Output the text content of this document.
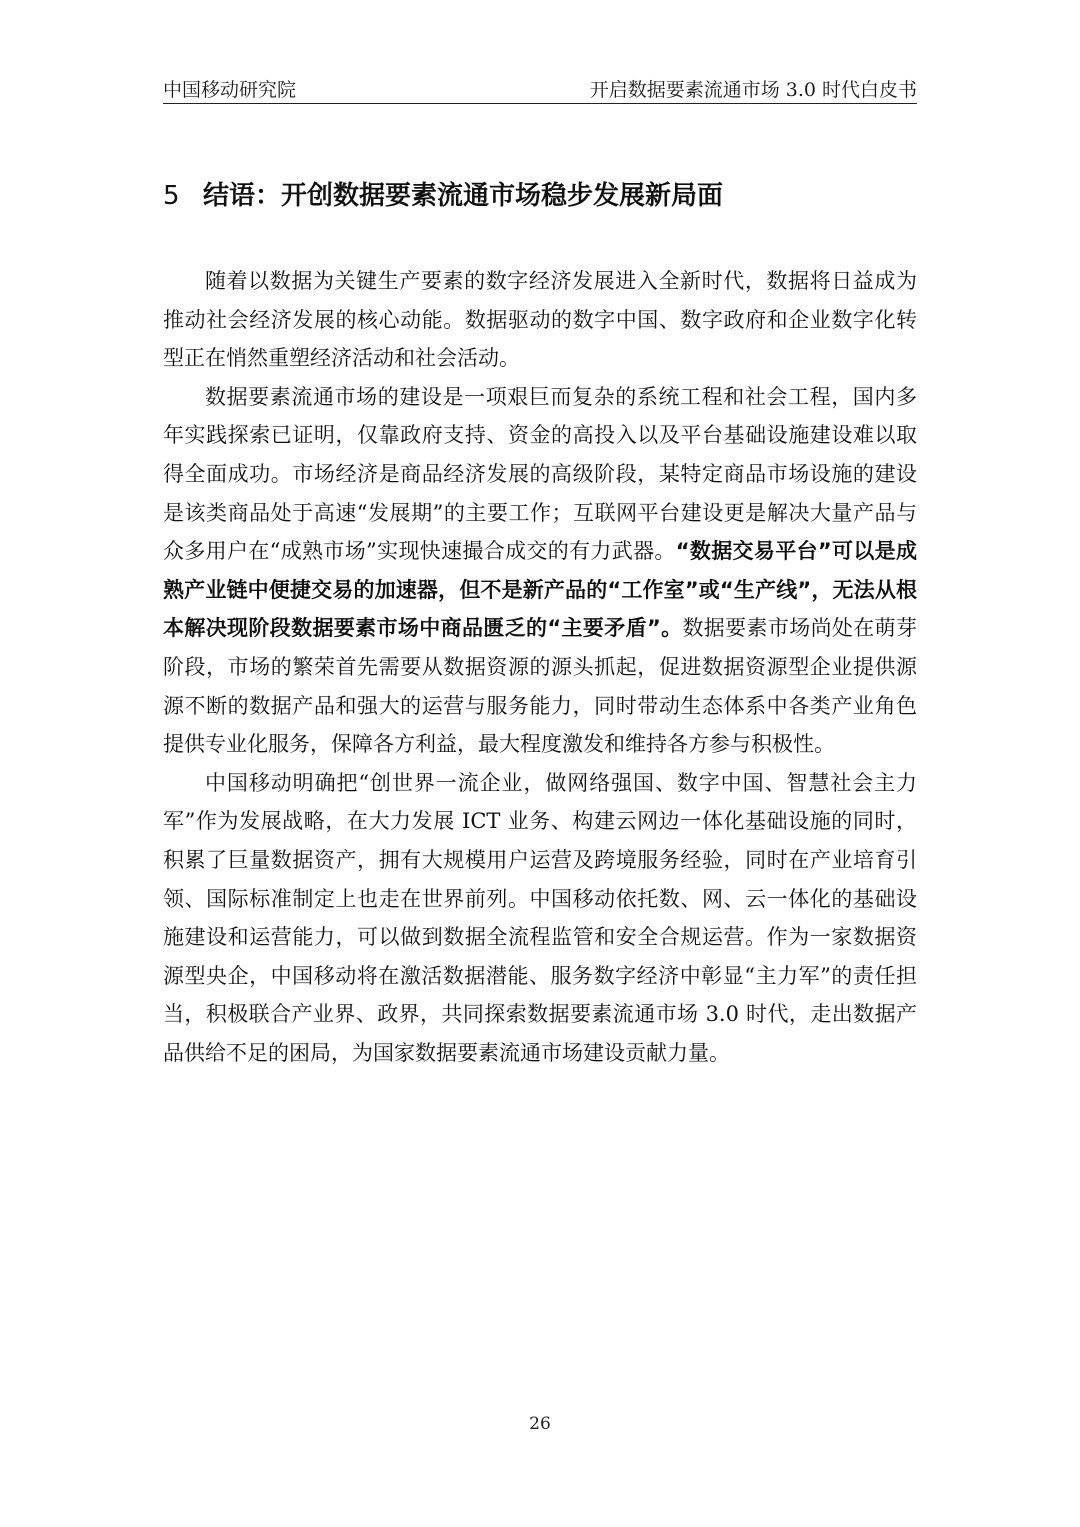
中国移动研究院	开启数据要素流通市场 3.0 时代白皮书
5 结语：开创数据要素流通市场稳步发展新局面

随着以数据为关键生产要素的数字经济发展进入全新时代，数据将日益成为推动社会经济发展的核心动能。数据驱动的数字中国、数字政府和企业数字化转型正在悄然重塑经济活动和社会活动。

数据要素流通市场的建设是一项艰巨而复杂的系统工程和社会工程，国内多年实践探索已证明，仅靠政府支持、资金的高投入以及平台基础设施建设难以取得全面成功。市场经济是商品经济发展的高级阶段，某特定商品市场设施的建设是该类商品处于高速“发展期”的主要工作；互联网平台建设更是解决大量产品与众多用户在“成熟市场”实现快速撮合成交的有力武器。“数据交易平台”可以是成熟产业链中便捷交易的加速器，但不是新产品的“工作室”或“生产线”，无法从根本解决现阶段数据要素市场中商品匮乏的“主要矛盾”。数据要素市场尚处在萌芽阶段，市场的繁荣首先需要从数据资源的源头抓起，促进数据资源型企业提供源源不断的数据产品和强大的运营与服务能力，同时带动生态体系中各类产业角色提供专业化服务，保障各方利益，最大程度激发和维持各方参与积极性。

中国移动明确把“创世界一流企业，做网络强国、数字中国、智慧社会主力军”作为发展战略，在大力发展 ICT 业务、构建云网边一体化基础设施的同时，积累了巨量数据资产，拥有大规模用户运营及跨境服务经验，同时在产业培育引领、国际标准制定上也走在世界前列。中国移动依托数、网、云一体化的基础设施建设和运营能力，可以做到数据全流程监管和安全合规运营。作为一家数据资源型央企，中国移动将在激活数据潜能、服务数字经济中彰显“主力军”的责任担当，积极联合产业界、政界，共同探索数据要素流通市场 3.0 时代，走出数据产品供给不足的困局，为国家数据要素流通市场建设贡献力量。

26
